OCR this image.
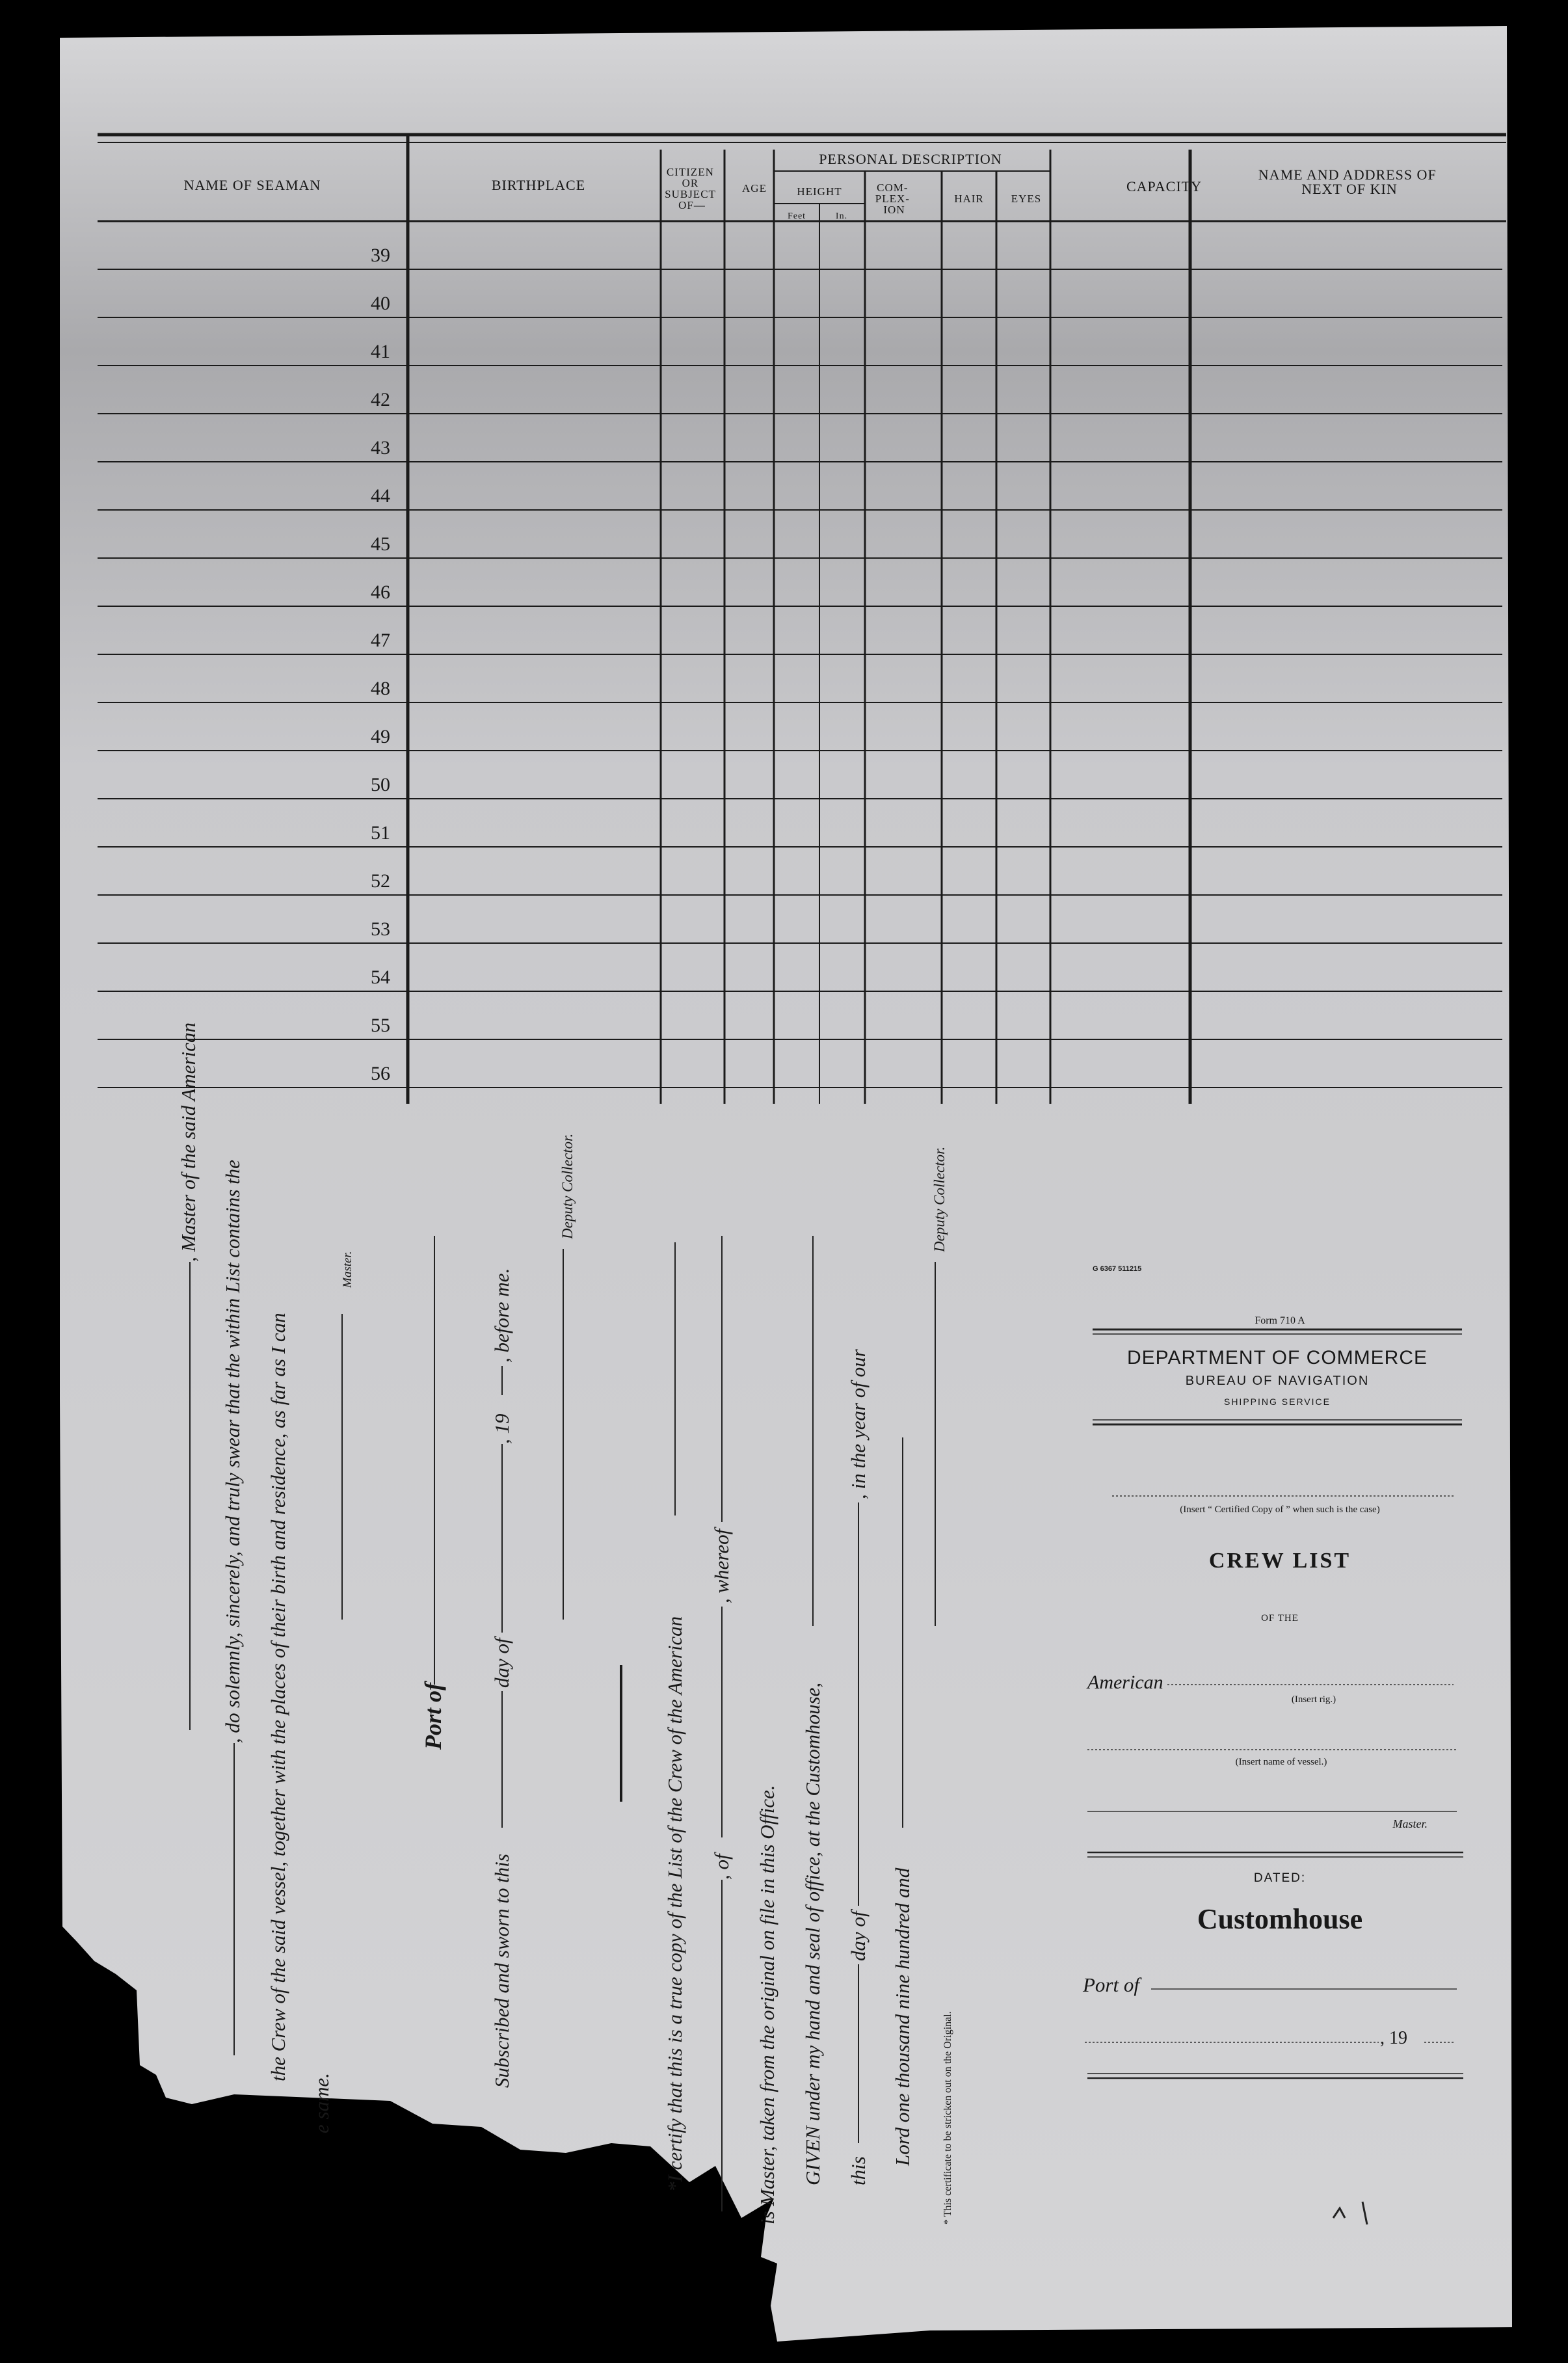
NAME OF SEAMAN	BIRTHPLACE
CITIZEN OR SUBJECT OF—
AGE
PERSONAL DESCRIPTION
HEIGHT
Feet	In.
COM- PLEX- ION
HAIR EYES
CAPACITY
NAME AND ADDRESS OF NEXT OF KIN
39
40
41
42
43
44
45
46
47
48
49
50
51
52
53
54
55
56
, Master of the said American
, do solemnly, sincerely, and truly swear that the within List contains the the Crew of the said vessel, together with the places of their birth and residence, as far as I can
e same.
Master.
Port of
Subscribed and sworn to this
day of
, 19
, before me.
Deputy Collector.
*I certify that this is a true copy of the List of the Crew of the American , of
, whereof
is Master, taken from the original on file in this Office. GIVEN under my hand and seal of office, at the Customhouse, this
day of
, in the year of our
Lord one thousand nine hundred and
Deputy Collector.
* This certificate to be stricken out on the Original.
G 6367 511215
Form 710 A
DEPARTMENT OF COMMERCE
BUREAU OF NAVIGATION
SHIPPING SERVICE
(Insert “ Certified Copy of ” when such is the case)
CREW LIST
OF THE
American
(Insert rig.)
(Insert name of vessel.)
Master.
DATED:
Customhouse
Port of
, 19
